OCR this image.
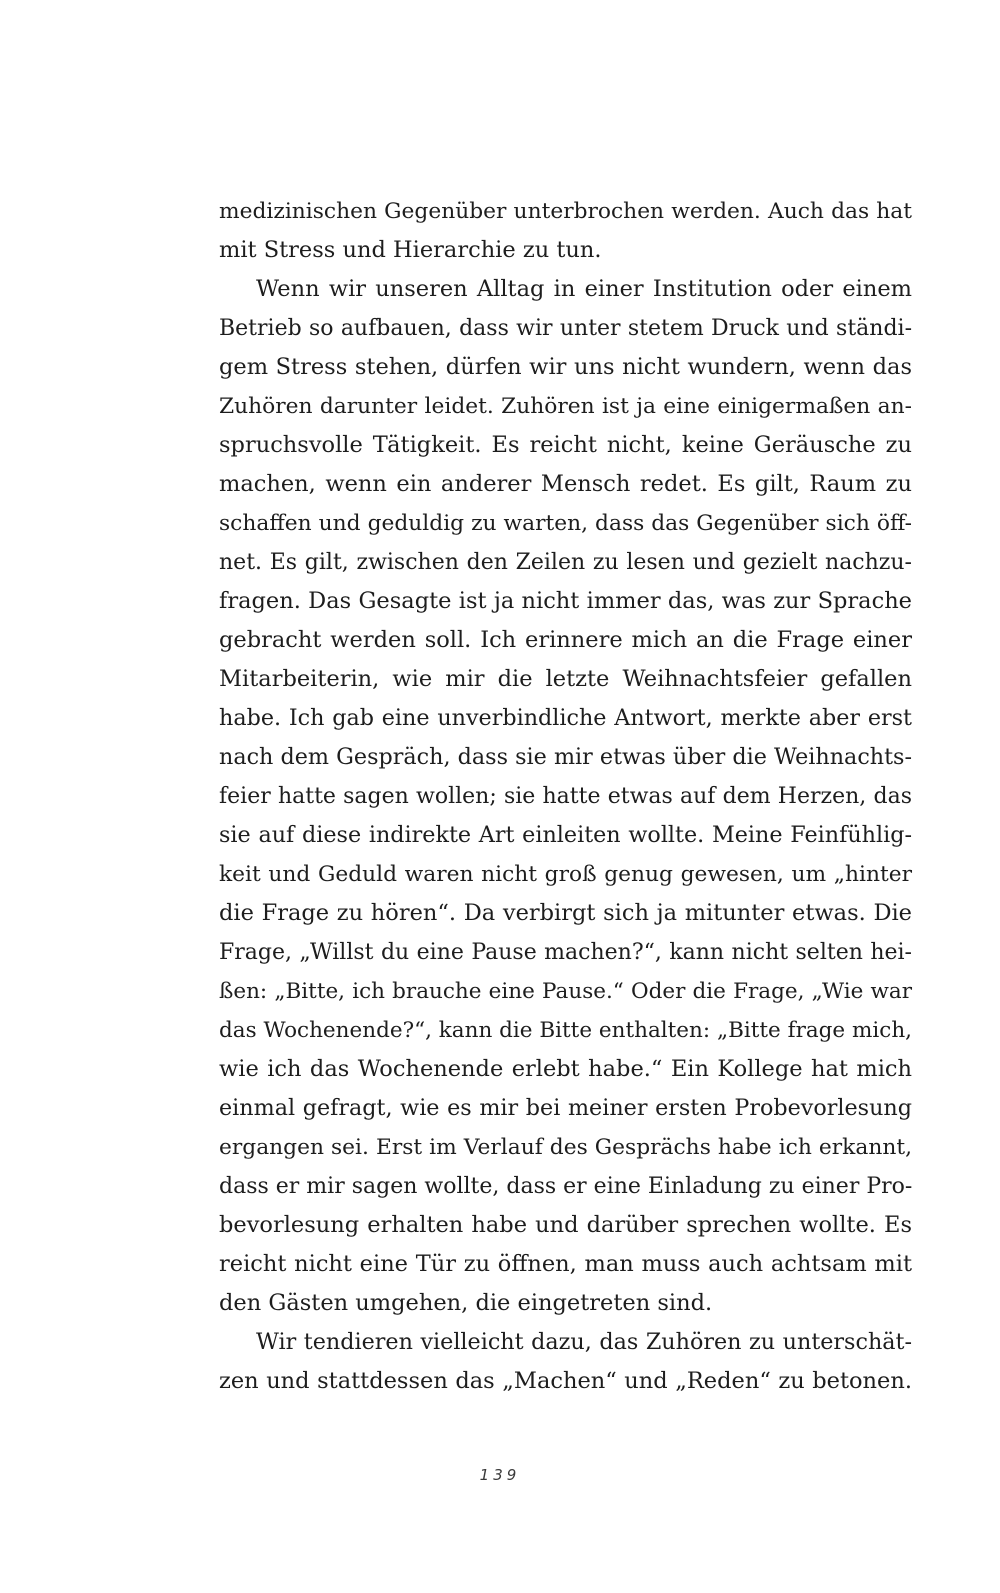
medizinischen Gegenüber unterbrochen werden. Auch das hat
mit Stress und Hierarchie zu tun.
Wenn wir unseren Alltag in einer Institution oder einem
Betrieb so aufbauen, dass wir unter stetem Druck und ständi-
gem Stress stehen, dürfen wir uns nicht wundern, wenn das
Zuhören darunter leidet. Zuhören ist ja eine einigermaßen an-
spruchsvolle Tätigkeit. Es reicht nicht, keine Geräusche zu
machen, wenn ein anderer Mensch redet. Es gilt, Raum zu
schaffen und geduldig zu warten, dass das Gegenüber sich öff-
net. Es gilt, zwischen den Zeilen zu lesen und gezielt nachzu-
fragen. Das Gesagte ist ja nicht immer das, was zur Sprache
gebracht werden soll. Ich erinnere mich an die Frage einer
Mitarbeiterin, wie mir die letzte Weihnachtsfeier gefallen
habe. Ich gab eine unverbindliche Antwort, merkte aber erst
nach dem Gespräch, dass sie mir etwas über die Weihnachts-
feier hatte sagen wollen; sie hatte etwas auf dem Herzen, das
sie auf diese indirekte Art einleiten wollte. Meine Feinfühlig-
keit und Geduld waren nicht groß genug gewesen, um „hinter
die Frage zu hören“. Da verbirgt sich ja mitunter etwas. Die
Frage, „Willst du eine Pause machen?“, kann nicht selten hei-
ßen: „Bitte, ich brauche eine Pause.“ Oder die Frage, „Wie war
das Wochenende?“, kann die Bitte enthalten: „Bitte frage mich,
wie ich das Wochenende erlebt habe.“ Ein Kollege hat mich
einmal gefragt, wie es mir bei meiner ersten Probevorlesung
ergangen sei. Erst im Verlauf des Gesprächs habe ich erkannt,
dass er mir sagen wollte, dass er eine Einladung zu einer Pro-
bevorlesung erhalten habe und darüber sprechen wollte. Es
reicht nicht eine Tür zu öffnen, man muss auch achtsam mit
den Gästen umgehen, die eingetreten sind.
Wir tendieren vielleicht dazu, das Zuhören zu unterschät-
zen und stattdessen das „Machen“ und „Reden“ zu betonen.
139
